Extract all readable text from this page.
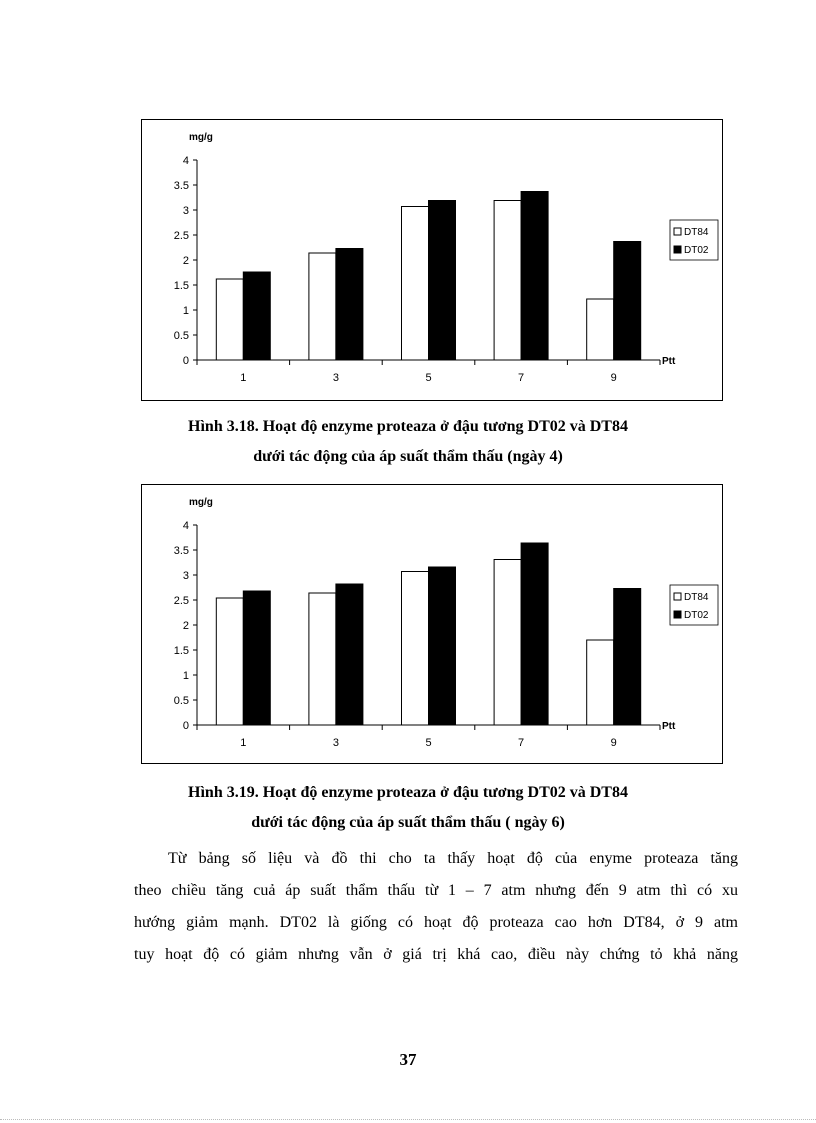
0
0.5
1
1.5
2
2.5
3
3.5
4
mg/g
1	3	5	7	9
Ptt
DT84
DT02
Hình 3.18. Hoạt độ enzyme proteaza ở đậu tương DT02 và DT84
dưới tác động của áp suất thẩm thấu (ngày 4)
0
0.5
1
1.5
2
2.5
3
3.5
4
mg/g
1	3	5	7	9
Ptt
DT84
DT02
Hình 3.19. Hoạt độ enzyme proteaza ở đậu tương DT02 và DT84
dưới tác động của áp suất thẩm thấu ( ngày 6)
Từ bảng số liệu và đồ thi cho ta thấy hoạt độ của enyme proteaza tăng
theo chiều tăng cuả áp suất thẩm thấu từ 1 – 7 atm nhưng đến 9 atm thì có xu
hướng giảm mạnh. DT02 là giống có hoạt độ proteaza cao hơn DT84, ở 9 atm
tuy hoạt độ có giảm nhưng vẫn ở giá trị khá cao, điều này chứng tỏ khả năng
37
